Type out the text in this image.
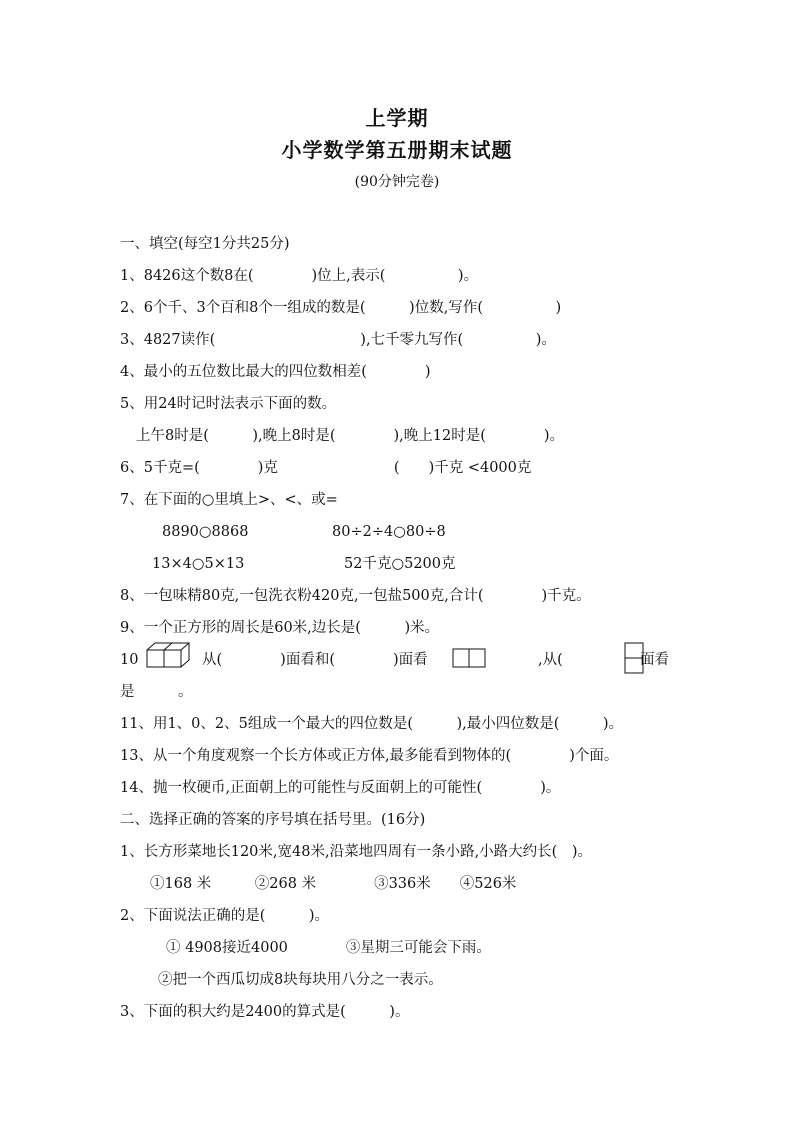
上学期
小学数学第五册期末试题
(90分钟完卷)
一、填空(每空1分共25分)
1、8426这个数8在(　　　　)位上,表示(　　　　　)。
2、6个千、3个百和8个一组成的数是(　　　)位数,写作(　　　　　)
3、4827读作(　　　　　　　　　　),七千零九写作(　　　　　)。
4、最小的五位数比最大的四位数相差(　　　　)
5、用24时记时法表示下面的数。
上午8时是(　　　),晚上8时是(　　　　),晚上12时是(　　　　)。
6、5千克=(　　　　)克　　　　　　　　(　　)千克 <4000克
7、在下面的○里填上>、<、或=
8890○8868	80÷2÷4○80÷8
13×4○5×13	52千克○5200克
8、一包味精80克,一包洗衣粉420克,一包盐500克,合计(　　　　)千克。
9、一个正方形的周长是60米,边长是(　　　)米。
10	从(　　　　)面看和(　　　　)面看	,从(　　　　 面看
是　　　。
11、用1、0、2、5组成一个最大的四位数是(　　　),最小四位数是(　　　)。
13、从一个角度观察一个长方体或正方体,最多能看到物体的(　　　　)个面。
14、抛一枚硬币,正面朝上的可能性与反面朝上的可能性(　　　　)。
二、选择正确的答案的序号填在括号里。(16分)
1、长方形菜地长120米,宽48米,沿菜地四周有一条小路,小路大约长(　)。
①168 米　　　②268 米　　　　③336米　　④526米
2、下面说法正确的是(　　　)。
① 4908接近4000　　　　③星期三可能会下雨。
②把一个西瓜切成8块每块用八分之一表示。
3、下面的积大约是2400的算式是(　　　)。
